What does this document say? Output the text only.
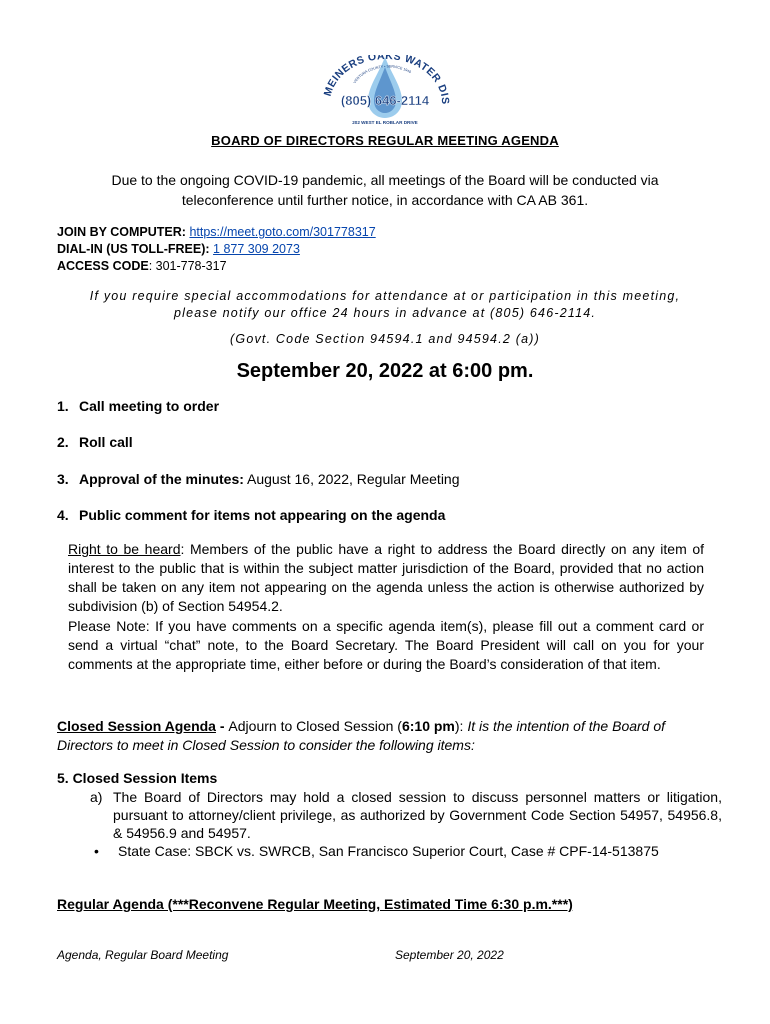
MEINERS OAKS WATER DIS
VENTURA COUNTY • SERVICE 1949
(805) 646-2114
202 WEST EL ROBLAR DRIVE
BOARD OF DIRECTORS REGULAR MEETING AGENDA
Due to the ongoing COVID-19 pandemic, all meetings of the Board will be conducted via
teleconference until further notice, in accordance with CA AB 361.
JOIN BY COMPUTER: https://meet.goto.com/301778317
DIAL-IN (US TOLL-FREE): 1 877 309 2073
ACCESS CODE: 301-778-317
If you require special accommodations for attendance at or participation in this meeting,
please notify our office 24 hours in advance at (805) 646-2114.
(Govt. Code Section 94594.1 and 94594.2 (a))
September 20, 2022 at 6:00 pm.
1. Call meeting to order
2. Roll call
3. Approval of the minutes: August 16, 2022, Regular Meeting
4. Public comment for items not appearing on the agenda
Right to be heard: Members of the public have a right to address the Board directly on any item of interest to the public that is within the subject matter jurisdiction of the Board, provided that no action shall be taken on any item not appearing on the agenda unless the action is otherwise authorized by subdivision (b) of Section 54954.2.
Please Note: If you have comments on a specific agenda item(s), please fill out a comment card or send a virtual “chat” note, to the Board Secretary. The Board President will call on you for your comments at the appropriate time, either before or during the Board’s consideration of that item.
Closed Session Agenda - Adjourn to Closed Session (6:10 pm): It is the intention of the Board of Directors to meet in Closed Session to consider the following items:
5. Closed Session Items
a) The Board of Directors may hold a closed session to discuss personnel matters or litigation, pursuant to attorney/client privilege, as authorized by Government Code Section 54957, 54956.8, & 54956.9 and 54957.
• State Case: SBCK vs. SWRCB, San Francisco Superior Court, Case # CPF-14-513875
Regular Agenda (***Reconvene Regular Meeting, Estimated Time 6:30 p.m.***)
Agenda, Regular Board Meeting	September 20, 2022
